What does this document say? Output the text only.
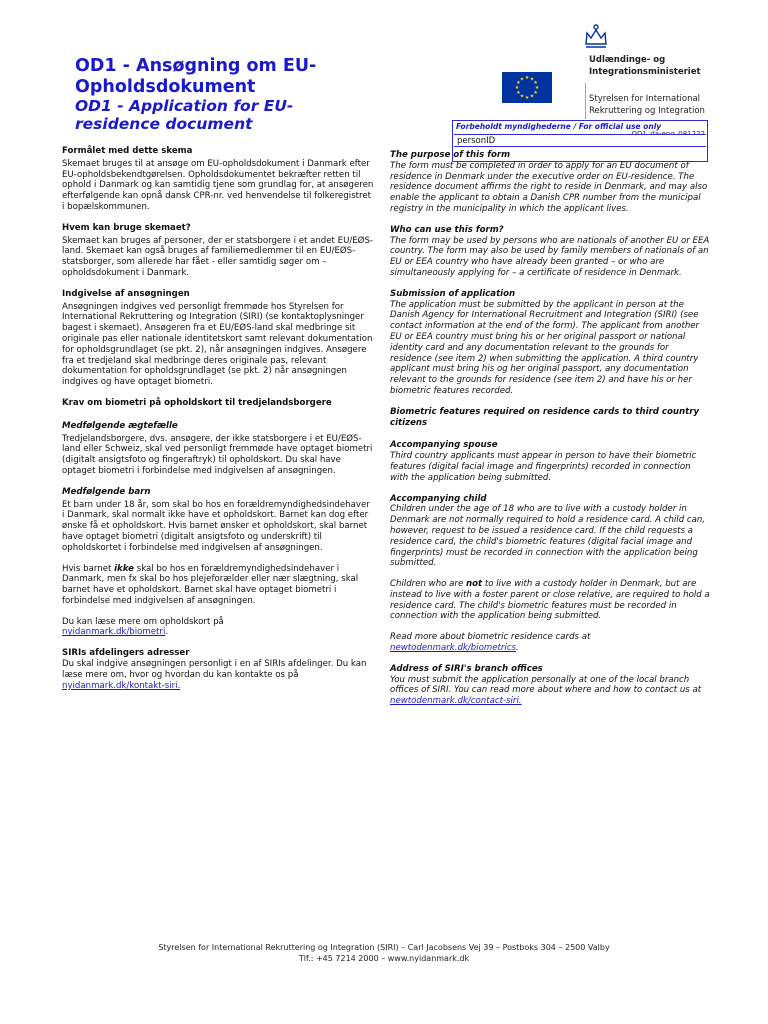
OD1 - Ansøgning om EU-Opholdsdokument
OD1 - Application for EU-residence document
★ ★
★
★
★
★
★
★
★
★
★
★
Udlændinge- og Integrationsministeriet
Styrelsen for International Rekruttering og Integration
Forbeholdt myndighederne / For official use only
personID
Formålet med dette skema

Skemaet bruges til at ansøge om EU-opholdsdokument i Danmark efter EU-opholdsbekendtgørelsen. Opholdsdokumentet bekræfter retten til ophold i Danmark og kan samtidig tjene som grundlag for, at ansøgeren efterfølgende kan opnå dansk CPR-nr. ved henvendelse til folkeregistret i bopælskommunen.

Hvem kan bruge skemaet?

Skemaet kan bruges af personer, der er statsborgere i et andet EU/EØS-land. Skemaet kan også bruges af familiemedlemmer til en EU/EØS-statsborger, som allerede har fået - eller samtidig søger om – opholdsdokument i Danmark.

Indgivelse af ansøgningen

Ansøgningen indgives ved personligt fremmøde hos Styrelsen for International Rekruttering og Integration (SIRI) (se kontaktoplysninger bagest i skemaet). Ansøgeren fra et EU/EØS-land skal medbringe sit originale pas eller nationale identitetskort samt relevant dokumentation for opholdsgrundlaget (se pkt. 2), når ansøgningen indgives. Ansøgere fra et tredjeland skal medbringe deres originale pas, relevant dokumentation for opholdsgrundlaget (se pkt. 2) når ansøgningen indgives og have optaget biometri.

Krav om biometri på opholdskort til tredjelandsborgere
Medfølgende ægtefælle

Tredjelandsborgere, dvs. ansøgere, der ikke statsborgere i et EU/EØS-land eller Schweiz, skal ved personligt fremmøde have optaget biometri (digitalt ansigtsfoto og fingeraftryk) til opholdskort. Du skal have optaget biometri i forbindelse med indgivelsen af ansøgningen.

Medfølgende barn

Et barn under 18 år, som skal bo hos en forældremyndighedsindehaver i Danmark, skal normalt ikke have et opholdskort. Barnet kan dog efter ønske få et opholdskort. Hvis barnet ønsker et opholdskort, skal barnet have optaget biometri (digitalt ansigtsfoto og underskrift) til opholdskortet i forbindelse med indgivelsen af ansøgningen.

Hvis barnet ikke skal bo hos en forældremyndighedsindehaver i Danmark, men fx skal bo hos plejeforælder eller nær slægtning, skal barnet have et opholdskort. Barnet skal have optaget biometri i forbindelse med indgivelsen af ansøgningen.

Du kan læse mere om opholdskort på
nyidanmark.dk/biometri.

SIRIs afdelingers adresser

Du skal indgive ansøgningen personligt i en af SIRIs afdelinger. Du kan læse mere om, hvor og hvordan du kan kontakte os på nyidanmark.dk/kontakt-siri.

The purpose of this form

The form must be completed in order to apply for an EU document of residence in Denmark under the executive order on EU-residence. The residence document affirms the right to reside in Denmark, and may also enable the applicant to obtain a Danish CPR number from the municipal registry in the municipality in which the applicant lives.

Who can use this form?

The form may be used by persons who are nationals of another EU or EEA country. The form may also be used by family members of nationals of an EU or EEA country who have already been granted – or who are simultaneously applying for – a certificate of residence in Denmark.

Submission of application

The application must be submitted by the applicant in person at the Danish Agency for International Recruitment and Integration (SIRI) (see contact information at the end of the form). The applicant from another EU or EEA country must bring his or her original passport or national identity card and any documentation relevant to the grounds for residence (see item 2) when submitting the application. A third country applicant must bring his og her original passport, any documentation relevant to the grounds for residence (see item 2) and have his or her biometric features recorded.

Biometric features required on residence cards to third country citizens
Accompanying spouse

Third country applicants must appear in person to have their biometric features (digital facial image and fingerprints) recorded in connection with the application being submitted.

Accompanying child

Children under the age of 18 who are to live with a custody holder in Denmark are not normally required to hold a residence card. A child can, however, request to be issued a residence card. If the child requests a residence card, the child's biometric features (digital facial image and fingerprints) must be recorded in connection with the application being submitted.

Children who are not to live with a custody holder in Denmark, but are instead to live with a foster parent or close relative, are required to hold a residence card. The child's biometric features must be recorded in connection with the application being submitted.

Read more about biometric residence cards at newtodenmark.dk/biometrics.

Address of SIRI's branch offices

You must submit the application personally at one of the local branch offices of SIRI. You can read more about where and how to contact us at newtodenmark.dk/contact-siri.

Styrelsen for International Rekruttering og Integration (SIRI) – Carl Jacobsens Vej 39 – Postboks 304 – 2500 Valby
Tlf.: +45 7214 2000 – www.nyidanmark.dk
